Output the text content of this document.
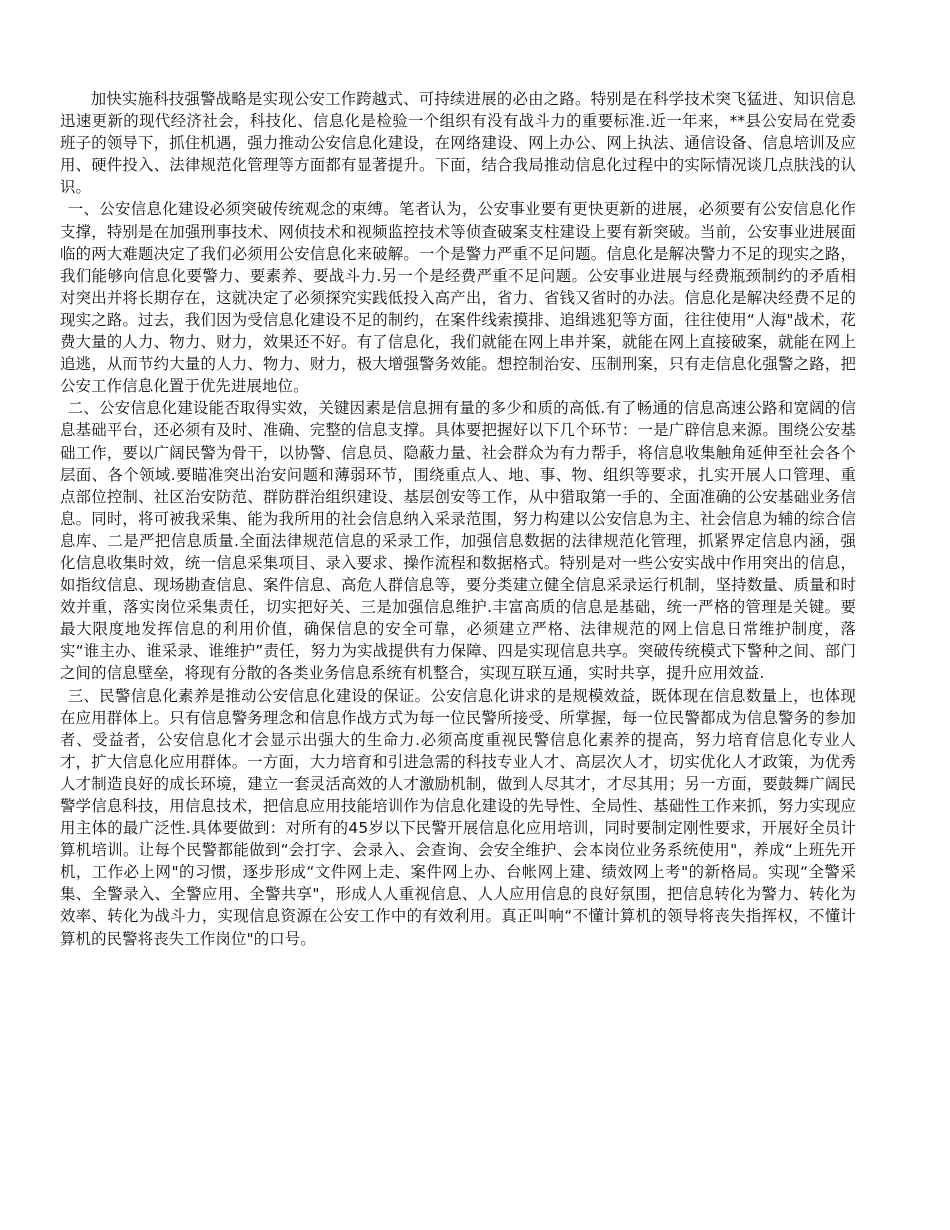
加快实施科技强警战略是实现公安工作跨越式、可持续进展的必由之路。特别是在科学技术突飞猛进、知识信息迅速更新的现代经济社会，科技化、信息化是检验一个组织有没有战斗力的重要标准.近一年来，**县公安局在党委班子的领导下，抓住机遇，强力推动公安信息化建设，在网络建设、网上办公、网上执法、通信设备、信息培训及应用、硬件投入、法律规范化管理等方面都有显著提升。下面，结合我局推动信息化过程中的实际情况谈几点肤浅的认识。

一、公安信息化建设必须突破传统观念的束缚。笔者认为，公安事业要有更快更新的进展，必须要有公安信息化作支撑，特别是在加强刑事技术、网侦技术和视频监控技术等侦查破案支柱建设上要有新突破。当前，公安事业进展面临的两大难题决定了我们必须用公安信息化来破解。一个是警力严重不足问题。信息化是解决警力不足的现实之路，我们能够向信息化要警力、要素养、要战斗力.另一个是经费严重不足问题。公安事业进展与经费瓶颈制约的矛盾相对突出并将长期存在，这就决定了必须探究实践低投入高产出，省力、省钱又省时的办法。信息化是解决经费不足的现实之路。过去，我们因为受信息化建设不足的制约，在案件线索摸排、追缉逃犯等方面，往往使用“人海"战术，花费大量的人力、物力、财力，效果还不好。有了信息化，我们就能在网上串并案，就能在网上直接破案，就能在网上追逃，从而节约大量的人力、物力、财力，极大增强警务效能。想控制治安、压制刑案，只有走信息化强警之路，把公安工作信息化置于优先进展地位。

二、公安信息化建设能否取得实效，关键因素是信息拥有量的多少和质的高低.有了畅通的信息高速公路和宽阔的信息基础平台，还必须有及时、准确、完整的信息支撑。具体要把握好以下几个环节：一是广辟信息来源。围绕公安基础工作，要以广阔民警为骨干，以协警、信息员、隐蔽力量、社会群众为有力帮手，将信息收集触角延伸至社会各个层面、各个领域.要瞄准突出治安问题和薄弱环节，围绕重点人、地、事、物、组织等要求，扎实开展人口管理、重点部位控制、社区治安防范、群防群治组织建设、基层创安等工作，从中猎取第一手的、全面准确的公安基础业务信息。同时，将可被我采集、能为我所用的社会信息纳入采录范围，努力构建以公安信息为主、社会信息为辅的综合信息库、二是严把信息质量.全面法律规范信息的采录工作，加强信息数据的法律规范化管理，抓紧界定信息内涵，强化信息收集时效，统一信息采集项目、录入要求、操作流程和数据格式。特别是对一些公安实战中作用突出的信息，如指纹信息、现场勘查信息、案件信息、高危人群信息等，要分类建立健全信息采录运行机制，坚持数量、质量和时效并重，落实岗位采集责任，切实把好关、三是加强信息维护.丰富高质的信息是基础，统一严格的管理是关键。要最大限度地发挥信息的利用价值，确保信息的安全可靠，必须建立严格、法律规范的网上信息日常维护制度，落实“谁主办、谁采录、谁维护”责任，努力为实战提供有力保障、四是实现信息共享。突破传统模式下警种之间、部门之间的信息壁垒，将现有分散的各类业务信息系统有机整合，实现互联互通，实时共享，提升应用效益.

三、民警信息化素养是推动公安信息化建设的保证。公安信息化讲求的是规模效益，既体现在信息数量上，也体现在应用群体上。只有信息警务理念和信息作战方式为每一位民警所接受、所掌握，每一位民警都成为信息警务的参加者、受益者，公安信息化才会显示出强大的生命力.必须高度重视民警信息化素养的提高，努力培育信息化专业人才，扩大信息化应用群体。一方面，大力培育和引进急需的科技专业人才、高层次人才，切实优化人才政策，为优秀人才制造良好的成长环境，建立一套灵活高效的人才激励机制，做到人尽其才，才尽其用；另一方面，要鼓舞广阔民警学信息科技，用信息技术，把信息应用技能培训作为信息化建设的先导性、全局性、基础性工作来抓，努力实现应用主体的最广泛性.具体要做到：对所有的45岁以下民警开展信息化应用培训，同时要制定刚性要求，开展好全员计算机培训。让每个民警都能做到“会打字、会录入、会查询、会安全维护、会本岗位业务系统使用"，养成“上班先开机，工作必上网"的习惯，逐步形成“文件网上走、案件网上办、台帐网上建、绩效网上考"的新格局。实现“全警采集、全警录入、全警应用、全警共享"，形成人人重视信息、人人应用信息的良好氛围，把信息转化为警力、转化为效率、转化为战斗力，实现信息资源在公安工作中的有效利用。真正叫响“不懂计算机的领导将丧失指挥权，不懂计算机的民警将丧失工作岗位"的口号。
